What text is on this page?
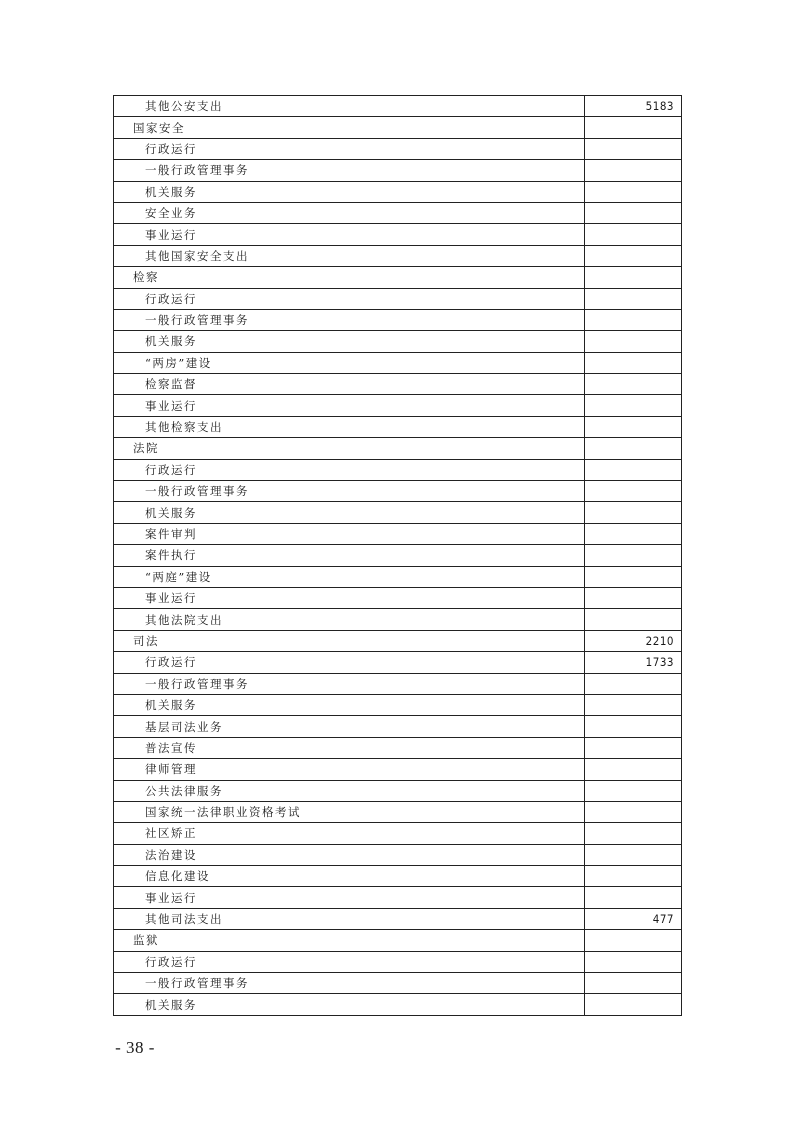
其他公安支出	5183
国家安全	
行政运行	
一般行政管理事务	
机关服务	
安全业务	
事业运行	
其他国家安全支出	
检察	
行政运行	
一般行政管理事务	
机关服务	
“两房”建设	
检察监督	
事业运行	
其他检察支出	
法院	
行政运行	
一般行政管理事务	
机关服务	
案件审判	
案件执行	
“两庭”建设	
事业运行	
其他法院支出	
司法	2210
行政运行	1733
一般行政管理事务	
机关服务	
基层司法业务	
普法宣传	
律师管理	
公共法律服务	
国家统一法律职业资格考试	
社区矫正	
法治建设	
信息化建设	
事业运行	
其他司法支出	477
监狱	
行政运行	
一般行政管理事务	
机关服务	
- 38 -
